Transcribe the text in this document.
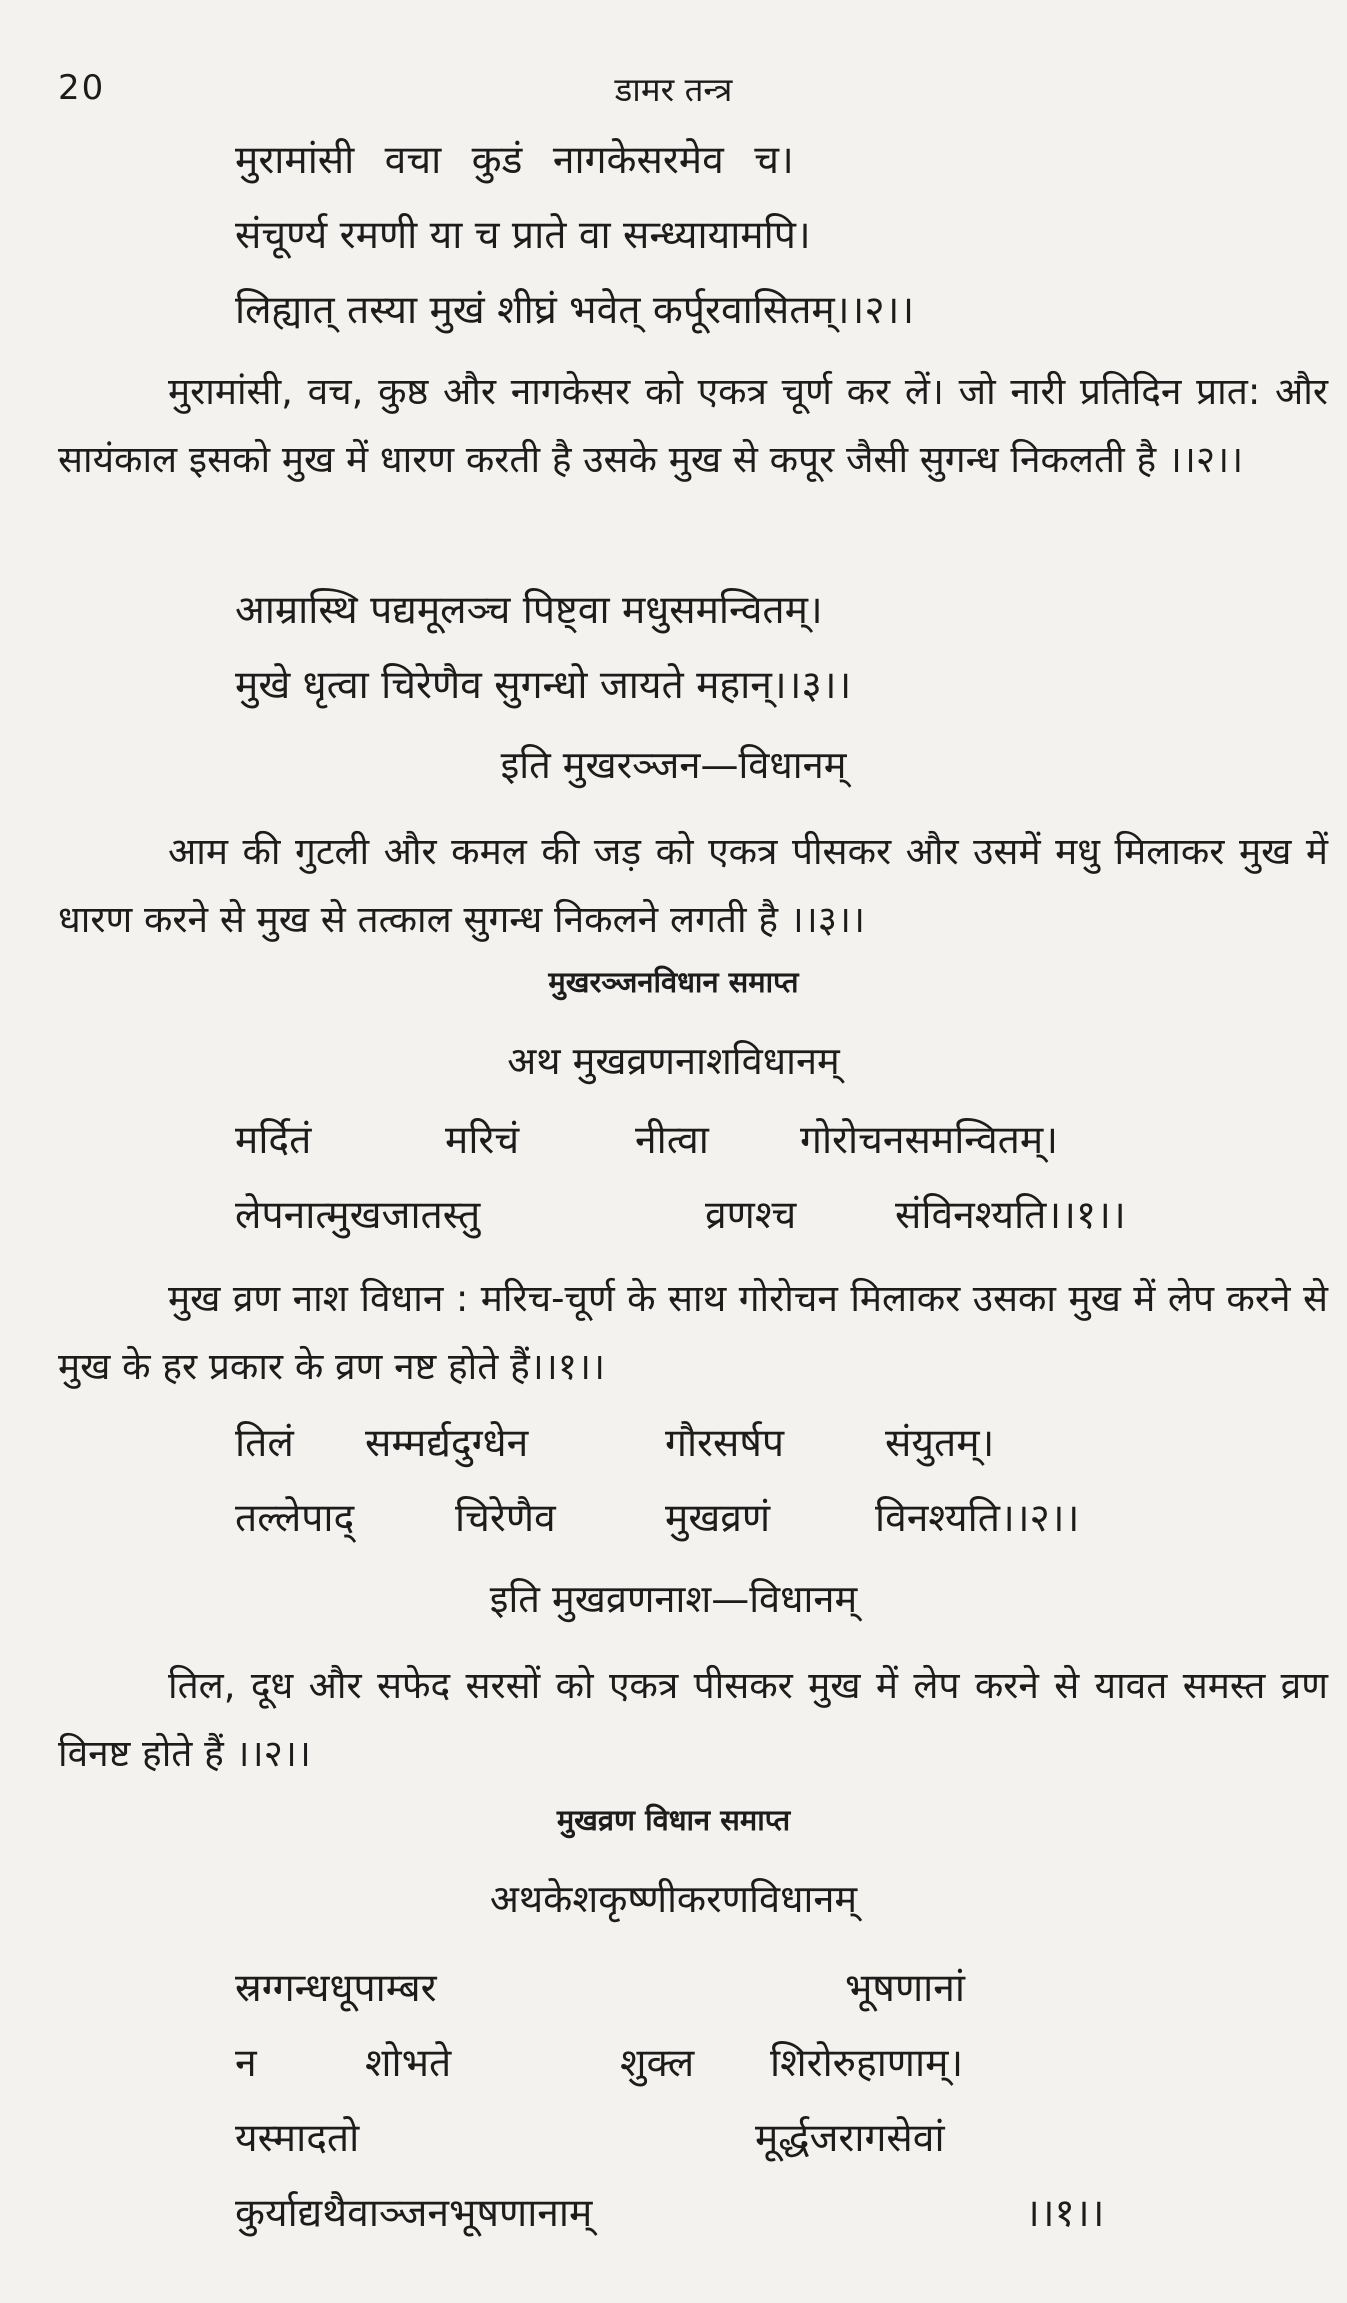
20	डामर तन्त्र
मुरामांसी वचा कुडं नागकेसरमेव च।
संचूर्ण्य रमणी या च प्राते वा सन्ध्यायामपि।
लिह्यात् तस्या मुखं शीघ्रं भवेत् कर्पूरवासितम्।।२।।
मुरामांसी, वच, कुष्ठ और नागकेसर को एकत्र चूर्ण कर लें। जो नारी प्रतिदिन प्रात: और सायंकाल इसको मुख में धारण करती है उसके मुख से कपूर जैसी सुगन्ध निकलती है ।।२।।
आम्रास्थि पद्यमूलञ्च पिष्ट्वा मधुसमन्वितम्।
मुखे धृत्वा चिरेणैव सुगन्धो जायते महान्।।३।।
इति मुखरञ्जन—विधानम्
आम की गुटली और कमल की जड़ को एकत्र पीसकर और उसमें मधु मिलाकर मुख में धारण करने से मुख से तत्काल सुगन्ध निकलने लगती है ।।३।।
मुखरञ्जनविधान समाप्त
अथ मुखव्रणनाशविधानम्
मर्दितं	मरिचं	नीत्वा गोरोचनसमन्वितम्।
लेपनात्मुखजातस्तु	व्रणश्च	संविनश्यति।।१।।
मुख व्रण नाश विधान : मरिच-चूर्ण के साथ गोरोचन मिलाकर उसका मुख में लेप करने से मुख के हर प्रकार के व्रण नष्ट होते हैं।।१।।
तिलं सम्मर्द्यदुग्धेन	गौरसर्षप	संयुतम्।
तल्लेपाद्	चिरेणैव	मुखव्रणं	विनश्यति।।२।।
इति मुखव्रणनाश—विधानम्
तिल, दूध और सफेद सरसों को एकत्र पीसकर मुख में लेप करने से यावत समस्त व्रण विनष्ट होते हैं ।।२।।
मुखव्रण विधान समाप्त
अथकेशकृष्णीकरणविधानम्
स्रग्गन्धधूपाम्बर	भूषणानां
न	शोभते	शुक्ल शिरोरुहाणाम्।
यस्मादतो	मूर्द्धजरागसेवां
कुर्याद्यथैवाञ्जनभूषणानाम्	।।१।।
